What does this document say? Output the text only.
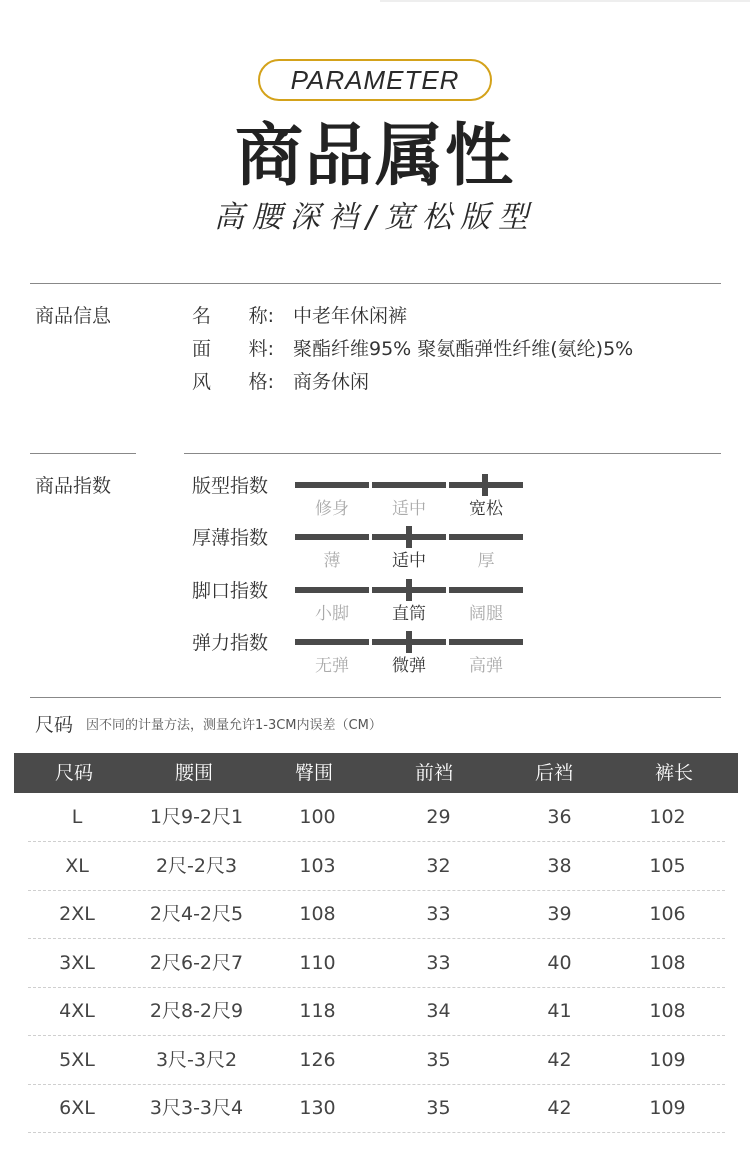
PARAMETER
商品属性
高腰深裆/宽松版型
商品信息	名 称: 中老年休闲裤
面 料: 聚酯纤维95% 聚氨酯弹性纤维(氨纶)5%
风 格: 商务休闲
商品指数	版型指数
修身	适中	宽松
厚薄指数
薄	适中	厚
脚口指数
小脚	直筒	阔腿
弹力指数
无弹	微弹	高弹
尺码 因不同的计量方法，测量允许1-3CM内误差（CM）
尺码	腰围	臀围	前裆	后裆	裤长
L	1尺9-2尺1	100	29	36	102
XL	2尺-2尺3	103	32	38	105
2XL	2尺4-2尺5	108	33	39	106
3XL	2尺6-2尺7	110	33	40	108
4XL	2尺8-2尺9	118	34	41	108
5XL	3尺-3尺2	126	35	42	109
6XL	3尺3-3尺4	130	35	42	109
